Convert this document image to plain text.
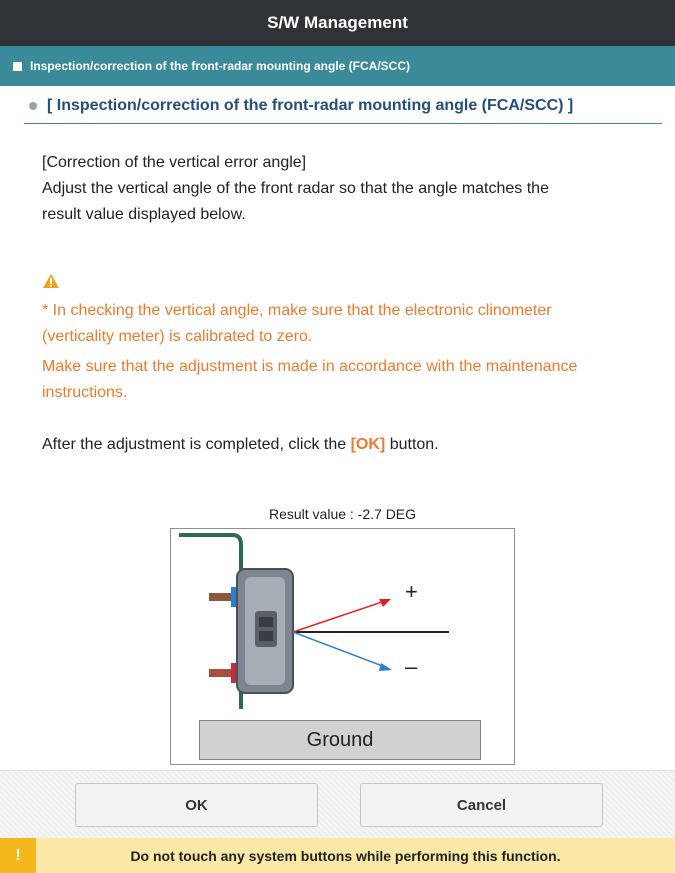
S/W Management
Inspection/correction of the front-radar mounting angle (FCA/SCC)
[ Inspection/correction of the front-radar mounting angle (FCA/SCC) ]
[Correction of the vertical error angle]
Adjust the vertical angle of the front radar so that the angle matches the
result value displayed below.
* In checking the vertical angle, make sure that the electronic clinometer
(verticality meter) is calibrated to zero.
Make sure that the adjustment is made in accordance with the maintenance
instructions.
After the adjustment is completed, click the [OK] button.
Result value : -2.7 DEG
+
–
Ground
OK	Cancel
!	Do not touch any system buttons while performing this function.
